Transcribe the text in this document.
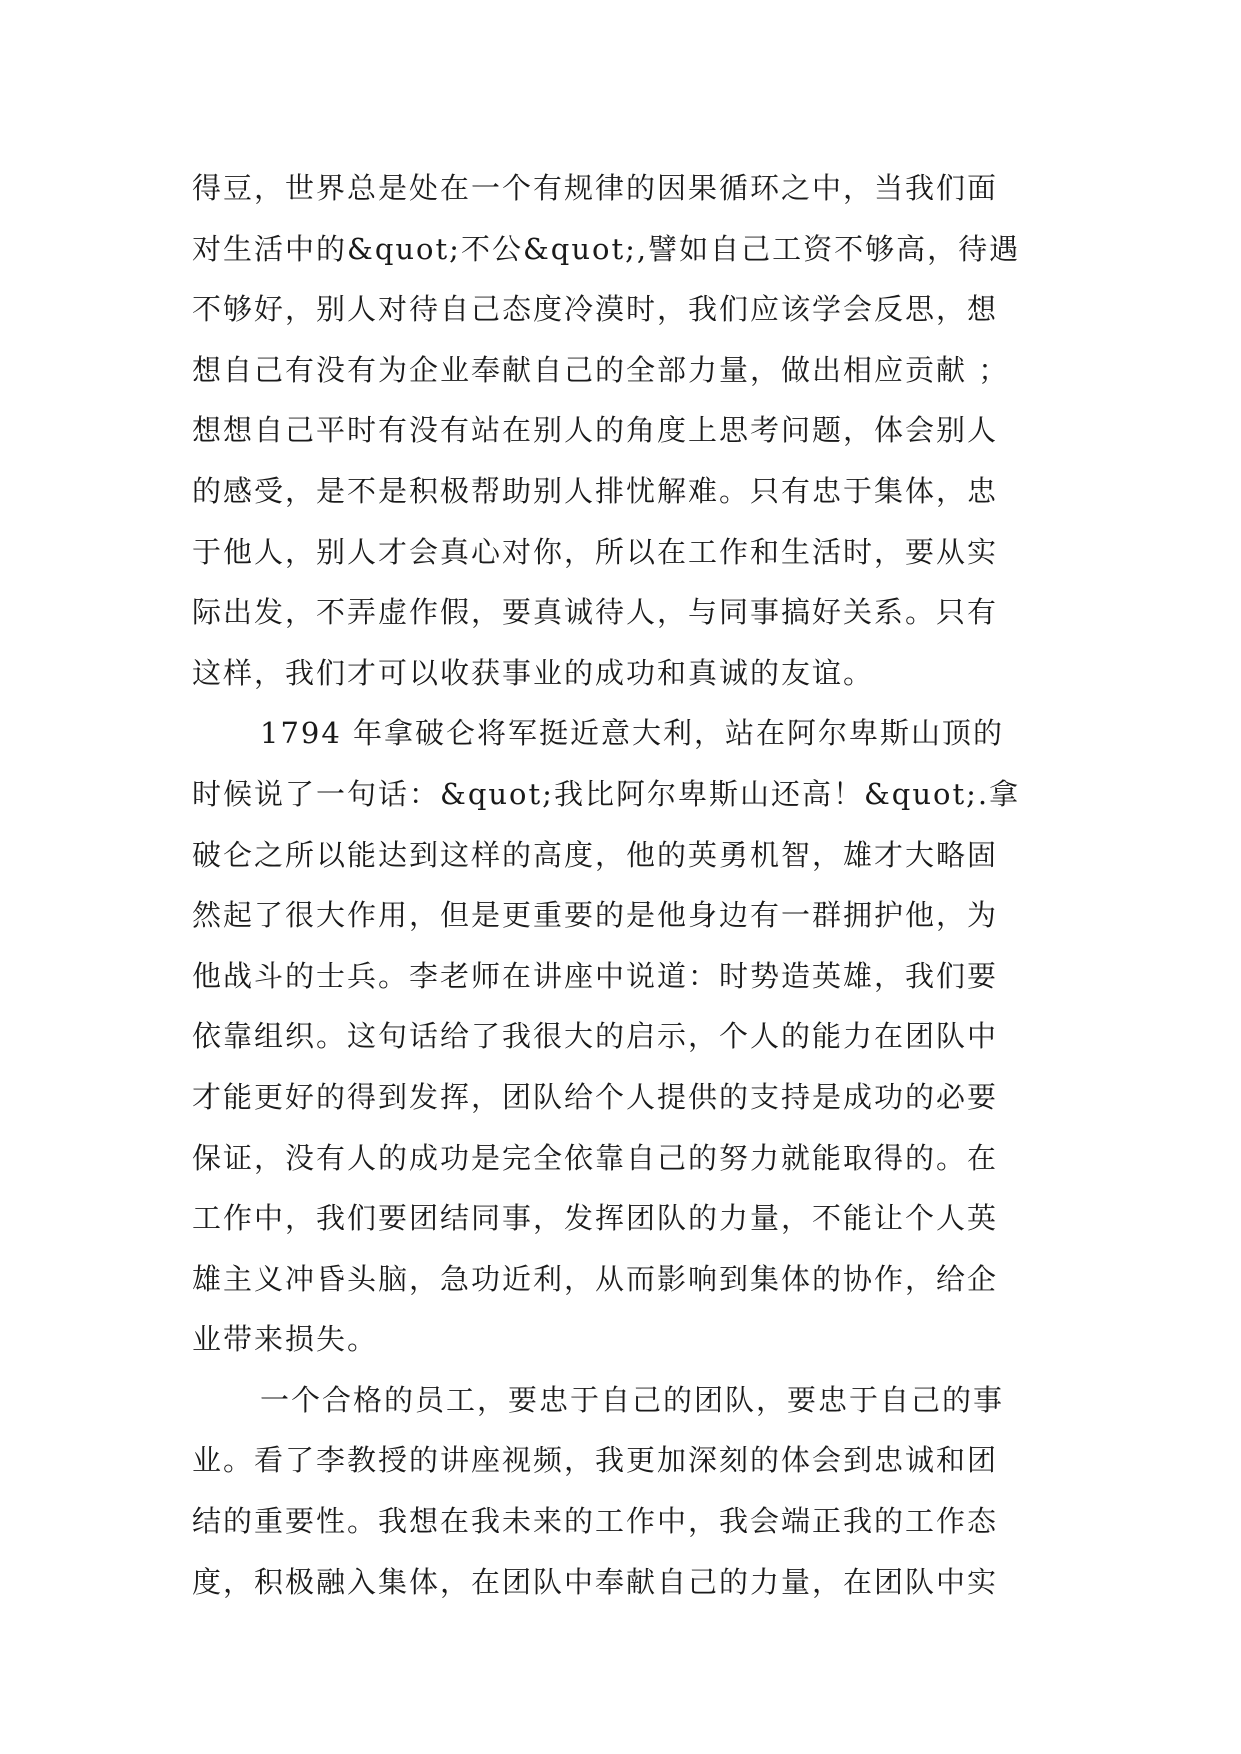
得豆，世界总是处在一个有规律的因果循环之中，当我们面
对生活中的&quot;不公&quot;,譬如自己工资不够高，待遇
不够好，别人对待自己态度冷漠时，我们应该学会反思，想
想自己有没有为企业奉献自己的全部力量，做出相应贡献 ；
想想自己平时有没有站在别人的角度上思考问题，体会别人
的感受，是不是积极帮助别人排忧解难。只有忠于集体，忠
于他人，别人才会真心对你，所以在工作和生活时，要从实
际出发，不弄虚作假，要真诚待人，与同事搞好关系。只有
这样，我们才可以收获事业的成功和真诚的友谊。
1794 年拿破仑将军挺近意大利，站在阿尔卑斯山顶的
时候说了一句话：&quot;我比阿尔卑斯山还高！&quot;.拿
破仑之所以能达到这样的高度，他的英勇机智，雄才大略固
然起了很大作用，但是更重要的是他身边有一群拥护他，为
他战斗的士兵。李老师在讲座中说道：时势造英雄，我们要
依靠组织。这句话给了我很大的启示，个人的能力在团队中
才能更好的得到发挥，团队给个人提供的支持是成功的必要
保证，没有人的成功是完全依靠自己的努力就能取得的。在
工作中，我们要团结同事，发挥团队的力量，不能让个人英
雄主义冲昏头脑，急功近利，从而影响到集体的协作，给企
业带来损失。
一个合格的员工，要忠于自己的团队，要忠于自己的事
业。看了李教授的讲座视频，我更加深刻的体会到忠诚和团
结的重要性。我想在我未来的工作中，我会端正我的工作态
度，积极融入集体，在团队中奉献自己的力量，在团队中实
